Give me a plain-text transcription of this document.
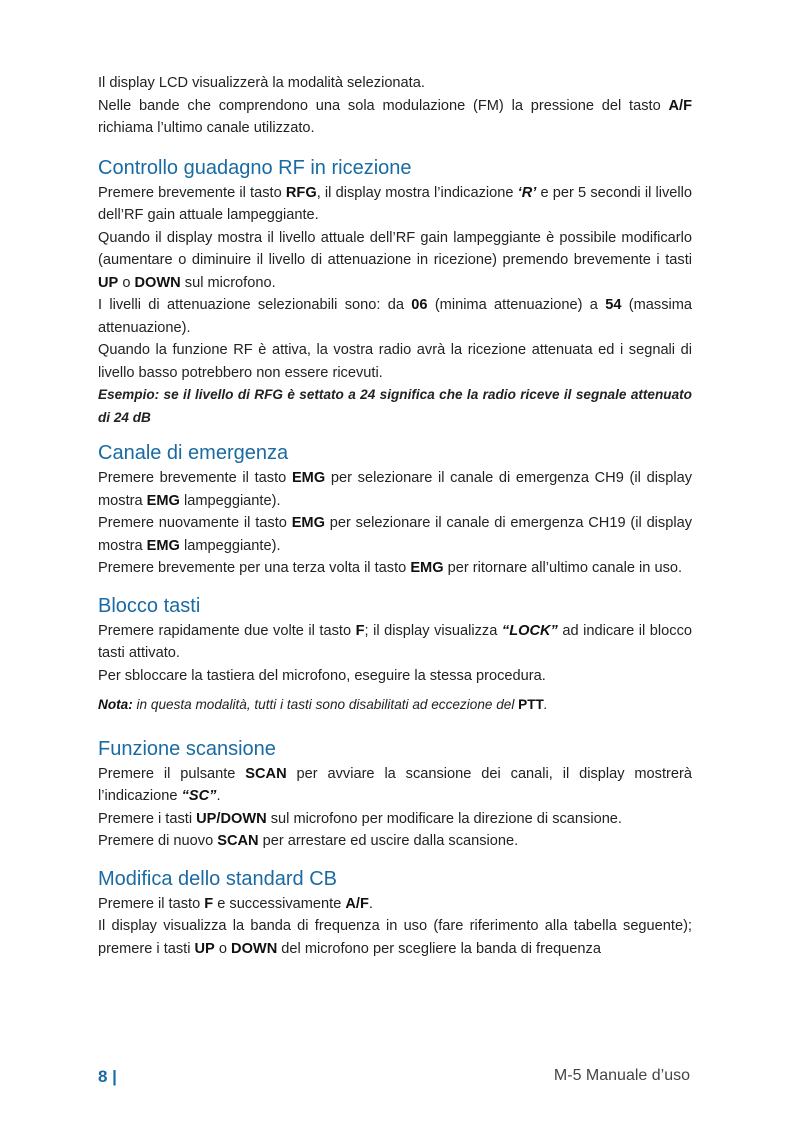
Il display LCD visualizzerà la modalità selezionata.

Nelle bande che comprendono una sola modulazione (FM) la pressione del tasto A/F richiama l’ultimo canale utilizzato.

Controllo guadagno RF in ricezione

Premere brevemente il tasto RFG, il display mostra l’indicazione ‘R’ e per 5 secondi il livello dell’RF gain attuale lampeggiante.

Quando il display mostra il livello attuale dell’RF gain lampeggiante è possibile modificarlo (aumentare o diminuire il livello di attenuazione in ricezione) premendo brevemente i tasti UP o DOWN sul microfono.

I livelli di attenuazione selezionabili sono: da 06 (minima attenuazione) a 54 (massima attenuazione).

Quando la funzione RF è attiva, la vostra radio avrà la ricezione attenuata ed i segnali di livello basso potrebbero non essere ricevuti.

Esempio: se il livello di RFG è settato a 24 significa che la radio riceve il segnale attenuato di 24 dB

Canale di emergenza

Premere brevemente il tasto EMG per selezionare il canale di emergenza CH9 (il display mostra EMG lampeggiante).

Premere nuovamente il tasto EMG per selezionare il canale di emergenza CH19 (il display mostra EMG lampeggiante).

Premere brevemente per una terza volta il tasto EMG per ritornare all’ultimo canale in uso.

Blocco tasti

Premere rapidamente due volte il tasto F; il display visualizza “LOCK” ad indicare il blocco tasti attivato.

Per sbloccare la tastiera del microfono, eseguire la stessa procedura.

Nota: in questa modalità, tutti i tasti sono disabilitati ad eccezione del PTT.

Funzione scansione

Premere il pulsante SCAN per avviare la scansione dei canali, il display mostrerà l’indicazione “SC”.

Premere i tasti UP/DOWN sul microfono per modificare la direzione di scansione.

Premere di nuovo SCAN per arrestare ed uscire dalla scansione.

Modifica dello standard CB

Premere il tasto F e successivamente A/F.

Il display visualizza la banda di frequenza in uso (fare riferimento alla tabella seguente); premere i tasti UP o DOWN del microfono per scegliere la banda di frequenza

8 |	M-5 Manuale d’uso
